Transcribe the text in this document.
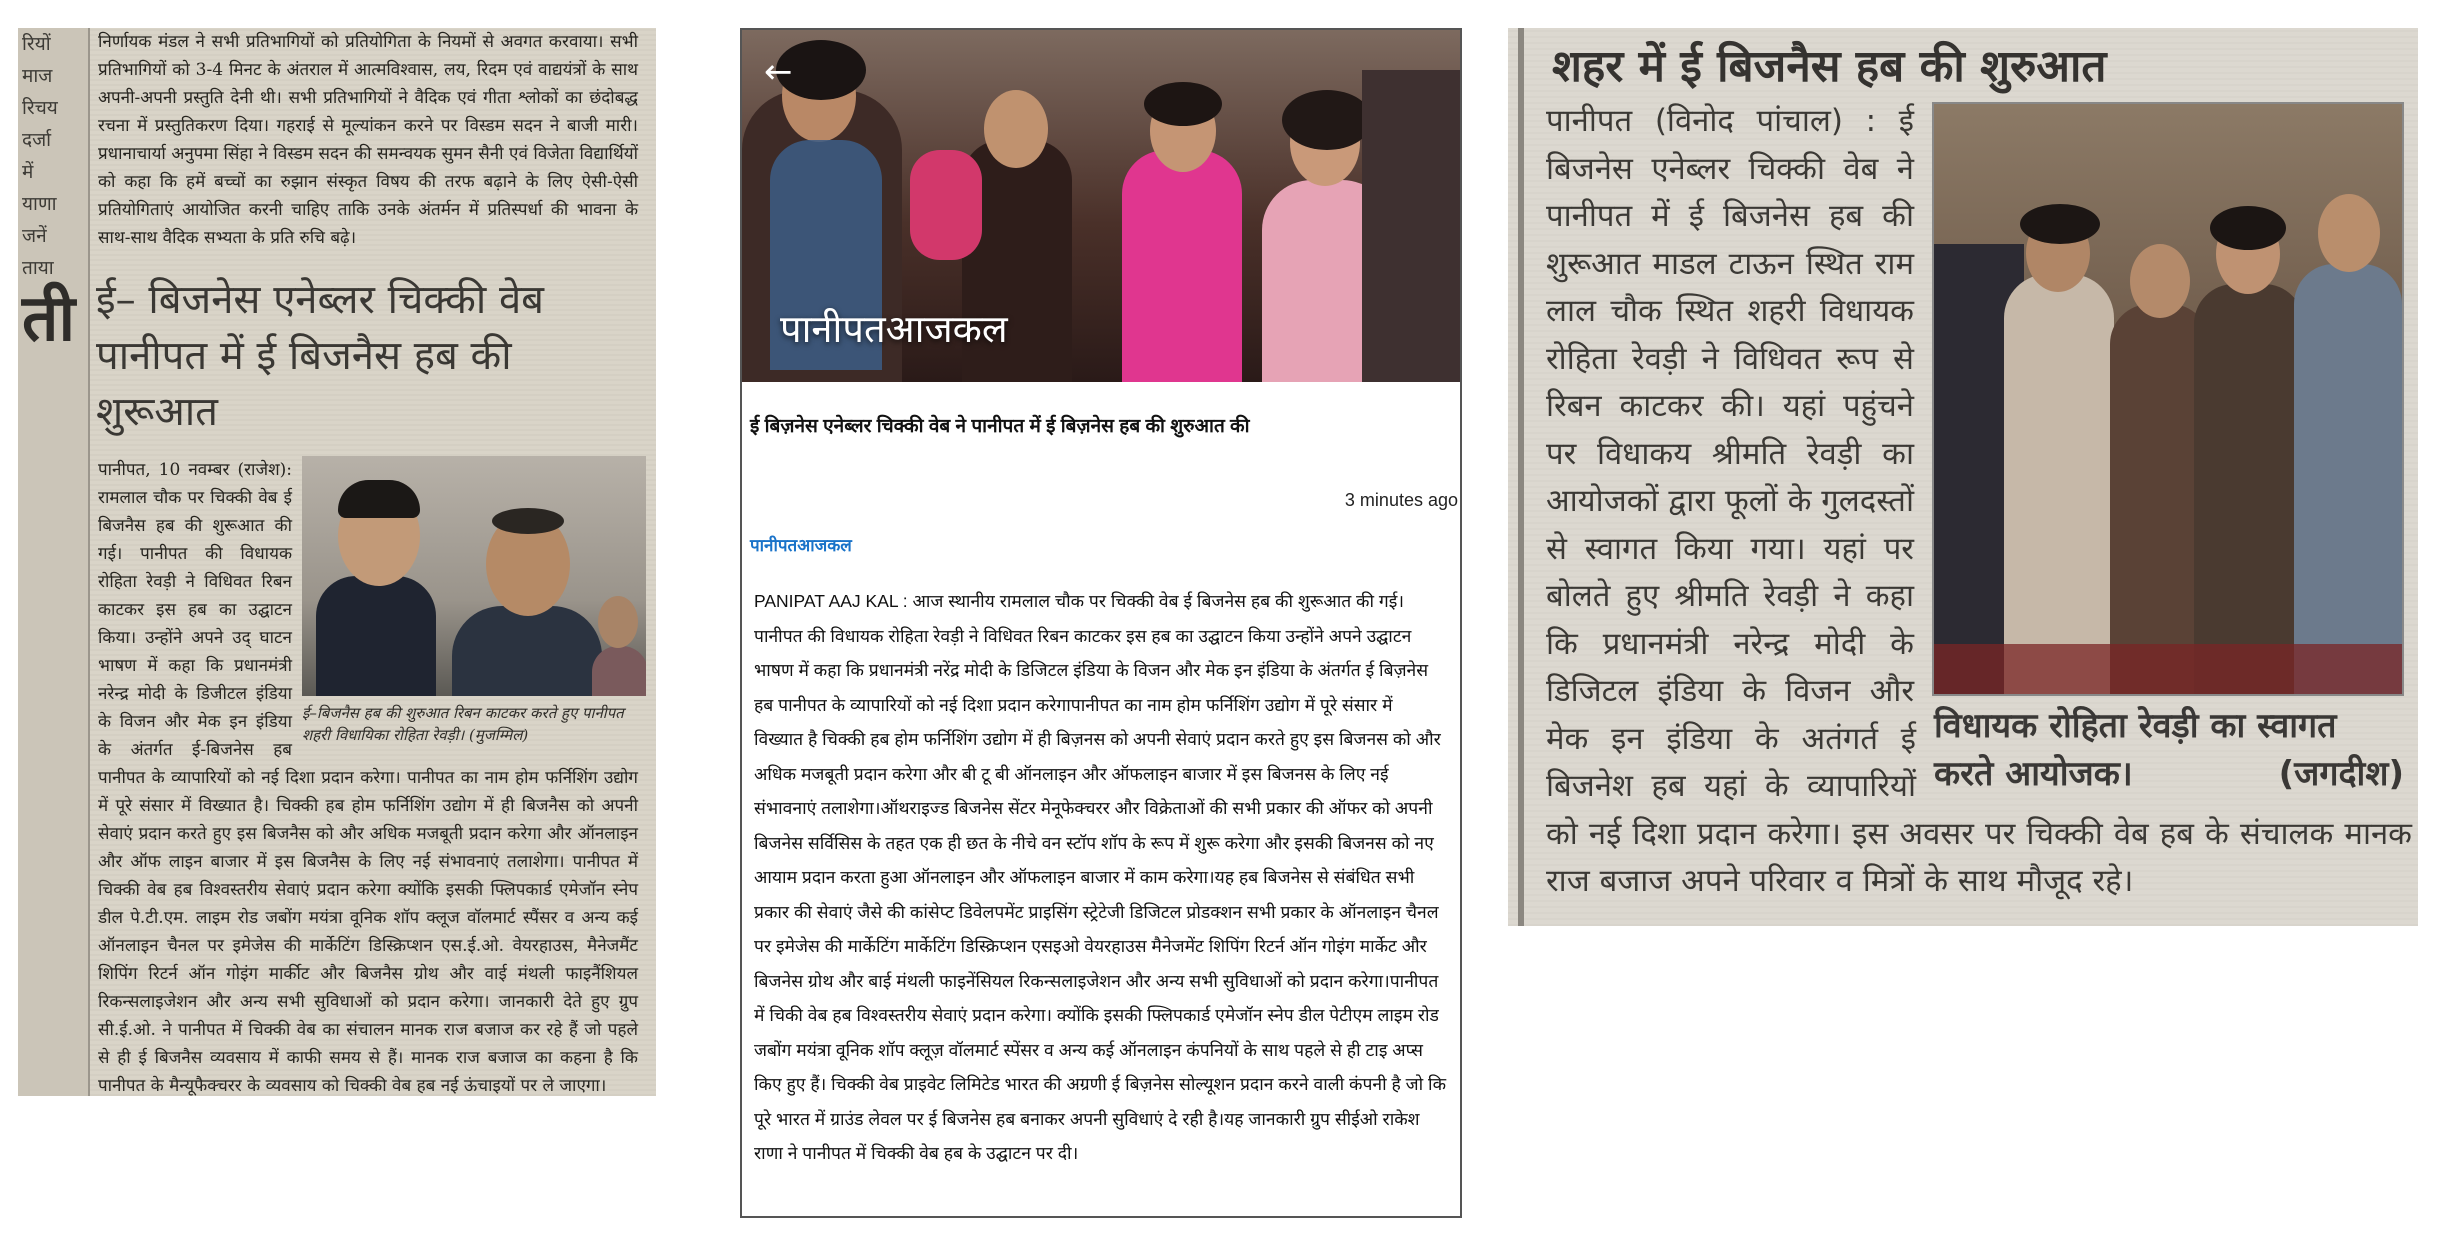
रियों
माज
रिचय
दर्जा
में
याणा
जनें
ताया
ती
निर्णायक मंडल ने सभी प्रतिभागियों को प्रतियोगिता के नियमों से अवगत करवाया। सभी प्रतिभागियों को 3-4 मिनट के अंतराल में आत्मविश्वास, लय, रिदम एवं वाद्ययंत्रों के साथ अपनी-अपनी प्रस्तुति देनी थी। सभी प्रतिभागियों ने वैदिक एवं गीता श्लोकों का छंदोबद्ध रचना में प्रस्तुतिकरण दिया। गहराई से मूल्यांकन करने पर विस्डम सदन ने बाजी मारी। प्रधानाचार्या अनुपमा सिंहा ने विस्डम सदन की समन्वयक सुमन सैनी एवं विजेता विद्यार्थियों को कहा कि हमें बच्चों का रुझान संस्कृत विषय की तरफ बढ़ाने के लिए ऐसी-ऐसी प्रतियोगिताएं आयोजित करनी चाहिए ताकि उनके अंतर्मन में प्रतिस्पर्धा की भावना के साथ-साथ वैदिक सभ्यता के प्रति रुचि बढ़े।
ई– बिजनेस एनेब्लर चिक्की वेब पानीपत में ई बिजनैस हब की शुरूआत
ई–बिजनैस हब की शुरुआत रिबन काटकर करते हुए पानीपत शहरी विधायिका रोहिता रेवड़ी। (मुजम्मिल)
पानीपत, 10 नवम्बर (राजेश): रामलाल चौक पर चिक्की वेब ई बिजनैस हब की शुरूआत की गई। पानीपत की विधायक रोहिता रेवड़ी ने विधिवत रिबन काटकर इस हब का उद्घाटन किया। उन्होंने अपने उद् घाटन भाषण में कहा कि प्रधानमंत्री नरेन्द्र मोदी के डिजीटल इंडिया के विजन और मेक इन इंडिया के अंतर्गत ई-बिजनेस हब पानीपत के व्यापारियों को नई दिशा प्रदान करेगा। पानीपत का नाम होम फर्निशिंग उद्योग में पूरे संसार में विख्यात है। चिक्की हब होम फर्निशिंग उद्योग में ही बिजनैस को अपनी सेवाएं प्रदान करते हुए इस बिजनैस को और अधिक मजबूती प्रदान करेगा और ऑनलाइन और ऑफ लाइन बाजार में इस बिजनैस के लिए नई संभावनाएं तलाशेगा। पानीपत में चिक्की वेब हब विश्वस्तरीय सेवाएं प्रदान करेगा क्योंकि इसकी फ्लिपकार्ड एमेजॉन स्नेप डील पे.टी.एम. लाइम रोड जबोंग मयंत्रा वूनिक शॉप क्लूज वॉलमार्ट स्पैंसर व अन्य कई ऑनलाइन चैनल पर इमेजेस की मार्केटिंग डिस्क्रिप्शन एस.ई.ओ. वेयरहाउस, मैनेजमैंट शिपिंग रिटर्न ऑन गोइंग मार्कीट और बिजनैस ग्रोथ और वाई मंथली फाइनैंशियल रिकन्सलाइजेशन और अन्य सभी सुविधाओं को प्रदान करेगा। जानकारी देते हुए ग्रुप सी.ई.ओ. ने पानीपत में चिक्की वेब का संचालन मानक राज बजाज कर रहे हैं जो पहले से ही ई बिजनैस व्यवसाय में काफी समय से हैं। मानक राज बजाज का कहना है कि पानीपत के मैन्यूफैक्चरर के व्यवसाय को चिक्की वेब हब नई ऊंचाइयों पर ले जाएगा।
←
पानीपतआजकल
ई बिज़नेस एनेब्लर चिक्की वेब ने पानीपत में ई बिज़नेस हब की शुरुआत की
3 minutes ago
पानीपतआजकल
PANIPAT AAJ KAL : आज स्थानीय रामलाल चौक पर चिक्की वेब ई बिजनेस हब की शुरूआत की गई। पानीपत की विधायक रोहिता रेवड़ी ने विधिवत रिबन काटकर इस हब का उद्घाटन किया उन्होंने अपने उद्घाटन भाषण में कहा कि प्रधानमंत्री नरेंद्र मोदी के डिजिटल इंडिया के विजन और मेक इन इंडिया के अंतर्गत ई बिज़नेस हब पानीपत के व्यापारियों को नई दिशा प्रदान करेगापानीपत का नाम होम फर्निशिंग उद्योग में पूरे संसार में विख्यात है चिक्की हब होम फर्निशिंग उद्योग में ही बिज़नस को अपनी सेवाएं प्रदान करते हुए इस बिजनस को और अधिक मजबूती प्रदान करेगा और बी टू बी ऑनलाइन और ऑफलाइन बाजार में इस बिजनस के लिए नई संभावनाएं तलाशेगा।ऑथराइज्ड बिजनेस सेंटर मेनूफेक्चरर और विक्रेताओं की सभी प्रकार की ऑफर को अपनी बिजनेस सर्विसिस के तहत एक ही छत के नीचे वन स्टॉप शॉप के रूप में शुरू करेगा और इसकी बिजनस को नए आयाम प्रदान करता हुआ ऑनलाइन और ऑफलाइन बाजार में काम करेगा।यह हब बिजनेस से संबंधित सभी प्रकार की सेवाएं जैसे की कांसेप्ट डिवेलपमेंट प्राइसिंग स्ट्रेटेजी डिजिटल प्रोडक्शन सभी प्रकार के ऑनलाइन चैनल पर इमेजेस की मार्केटिंग मार्केटिंग डिस्क्रिप्शन एसइओ वेयरहाउस मैनेजमेंट शिपिंग रिटर्न ऑन गोइंग मार्केट और बिजनेस ग्रोथ और बाई मंथली फाइनेंसियल रिकन्सलाइजेशन और अन्य सभी सुविधाओं को प्रदान करेगा।पानीपत में चिकी वेब हब विश्वस्तरीय सेवाएं प्रदान करेगा। क्योंकि इसकी फ्लिपकार्ड एमेजॉन स्नेप डील पेटीएम लाइम रोड जबोंग मयंत्रा वूनिक शॉप क्लूज़ वॉलमार्ट स्पेंसर व अन्य कई ऑनलाइन कंपनियों के साथ पहले से ही टाइ अप्स किए हुए हैं। चिक्की वेब प्राइवेट लिमिटेड भारत की अग्रणी ई बिज़नेस सोल्यूशन प्रदान करने वाली कंपनी है जो कि पूरे भारत में ग्राउंड लेवल पर ई बिजनेस हब बनाकर अपनी सुविधाएं दे रही है।यह जानकारी ग्रुप सीईओ राकेश राणा ने पानीपत में चिक्की वेब हब के उद्घाटन पर दी।
शहर में ई बिजनैस हब की शुरुआत
विधायक रोहिता रेवड़ी का स्वागत करते आयोजक।	(जगदीश)
पानीपत (विनोद पांचाल) : ई बिजनेस एनेब्लर चिक्की वेब ने पानीपत में ई बिजनेस हब की शुरूआत माडल टाऊन स्थित राम लाल चौक स्थित शहरी विधायक रोहिता रेवड़ी ने विधिवत रूप से रिबन काटकर की। यहां पहुंचने पर विधाकय श्रीमति रेवड़ी का आयोजकों द्वारा फूलों के गुलदस्तों से स्वागत किया गया। यहां पर बोलते हुए श्रीमति रेवड़ी ने कहा कि प्रधानमंत्री नरेन्द्र मोदी के डिजिटल इंडिया के विजन और मेक इन इंडिया के अतंगर्त ई बिजनेश हब यहां के व्यापारियों को नई दिशा प्रदान करेगा। इस अवसर पर चिक्की वेब हब के संचालक मानक राज बजाज अपने परिवार व मित्रों के साथ मौजूद रहे।
